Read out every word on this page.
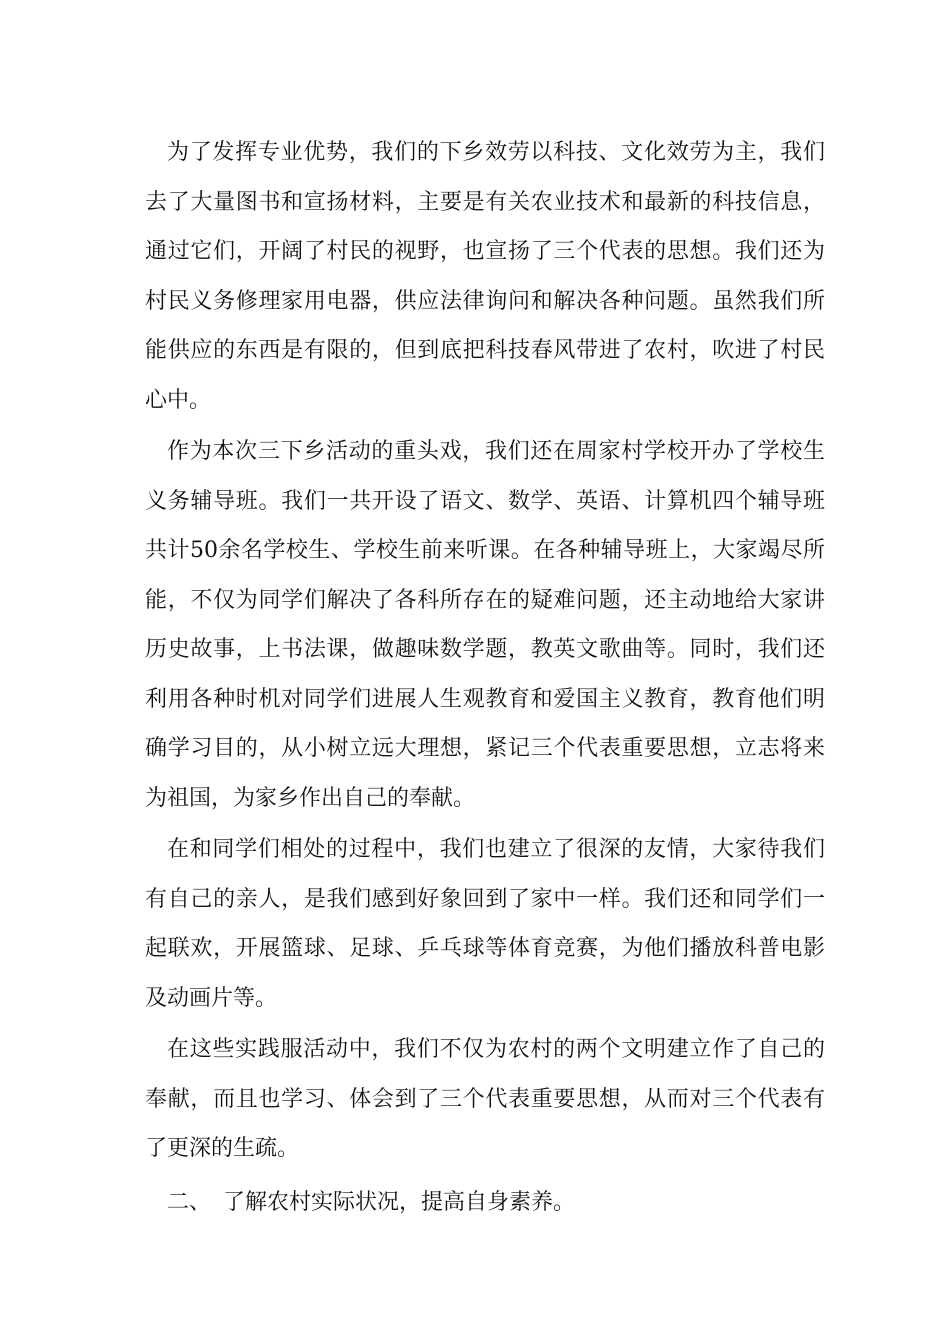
为了发挥专业优势，我们的下乡效劳以科技、文化效劳为主，我们去了大量图书和宣扬材料，主要是有关农业技术和最新的科技信息，通过它们，开阔了村民的视野，也宣扬了三个代表的思想。我们还为村民义务修理家用电器，供应法律询问和解决各种问题。虽然我们所能供应的东西是有限的，但到底把科技春风带进了农村，吹进了村民心中。

作为本次三下乡活动的重头戏，我们还在周家村学校开办了学校生义务辅导班。我们一共开设了语文、数学、英语、计算机四个辅导班共计50余名学校生、学校生前来听课。在各种辅导班上，大家竭尽所能，不仅为同学们解决了各科所存在的疑难问题，还主动地给大家讲历史故事，上书法课，做趣味数学题，教英文歌曲等。同时，我们还利用各种时机对同学们进展人生观教育和爱国主义教育，教育他们明确学习目的，从小树立远大理想，紧记三个代表重要思想，立志将来为祖国，为家乡作出自己的奉献。

在和同学们相处的过程中，我们也建立了很深的友情，大家待我们有自己的亲人，是我们感到好象回到了家中一样。我们还和同学们一起联欢，开展篮球、足球、乒乓球等体育竞赛，为他们播放科普电影及动画片等。

在这些实践服活动中，我们不仅为农村的两个文明建立作了自己的奉献，而且也学习、体会到了三个代表重要思想，从而对三个代表有了更深的生疏。

二、 了解农村实际状况，提高自身素养。
